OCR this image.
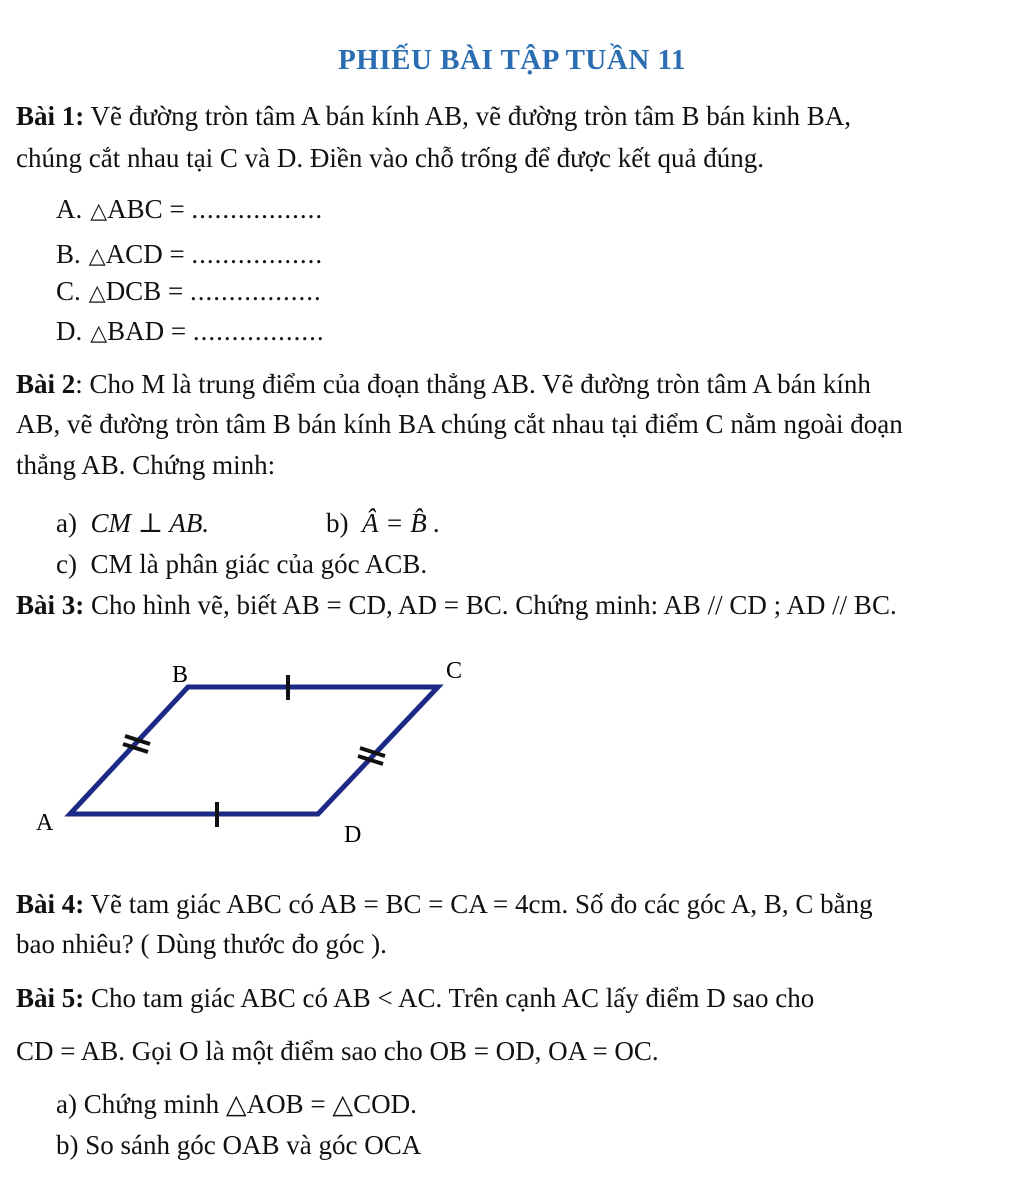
PHIẾU BÀI TẬP TUẦN 11
Bài 1: Vẽ đường tròn tâm A bán kính AB, vẽ đường tròn tâm B bán kinh BA,
chúng cắt nhau tại C và D. Điền vào chỗ trống để được kết quả đúng.
A. △ABC = .................
B. △ACD = .................
C. △DCB = .................
D. △BAD = .................
Bài 2: Cho M là trung điểm của đoạn thẳng AB. Vẽ đường tròn tâm A bán kính
AB, vẽ đường tròn tâm B bán kính BA chúng cắt nhau tại điểm C nằm ngoài đoạn
thẳng AB. Chứng minh:
a) CM ⊥ AB.	b) Â = B̂ .
c) CM là phân giác của góc ACB.
Bài 3: Cho hình vẽ, biết AB = CD, AD = BC. Chứng minh: AB // CD ; AD // BC.
B	C
A	D
Bài 4: Vẽ tam giác ABC có AB = BC = CA = 4cm. Số đo các góc A, B, C bằng
bao nhiêu? ( Dùng thước đo góc ).
Bài 5: Cho tam giác ABC có AB < AC. Trên cạnh AC lấy điểm D sao cho
CD = AB. Gọi O là một điểm sao cho OB = OD, OA = OC.
a) Chứng minh △AOB = △COD.
b) So sánh góc OAB và góc OCA
